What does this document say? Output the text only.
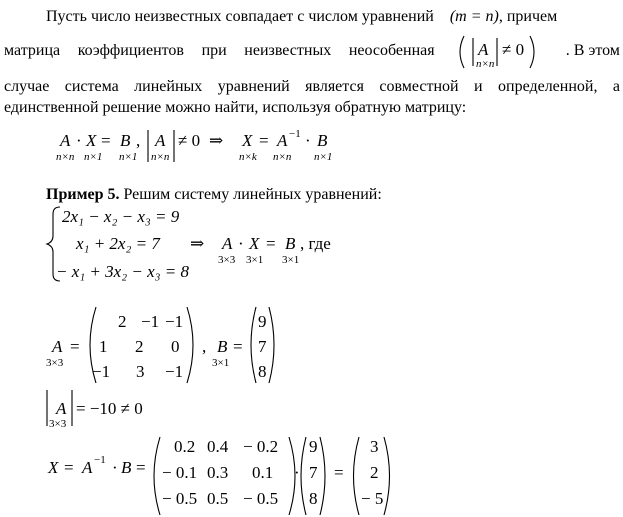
Пусть число неизвестных совпадает с числом уравнений (m = n), причем
матрица коэффициентов при неизвестных неособенная	. В этом
случае система линейных уравнений является совместной и определенной, а
единственной решение можно найти, используя обратную матрицу:
Пример 5. Решим систему линейных уравнений:
A
n×n
≠ 0
A
n×n
· X
n×1
= B
n×1
, A
n×n
≠ 0 ⇒ X
n×k
= A −1
n×n
· B
n×1
2x₁ − x₂ − x₃ = 9
x₁ + 2x₂ = 7
− x₁ + 3x₂ − x₃ = 8
⇒ A
3×3
· X
3×1
= B
3×1
, где
A
3×3
=
2 −1 −1
1 2 0
−1 3 −1
, B
3×1
=
9
7
8
A
3×3
= −10 ≠ 0
X = A −1 · B =
0.2 0.4 − 0.2
− 0.1 0.3 0.1
− 0.5 0.5 − 0.5
·
9
7
8
=
3
2
− 5
